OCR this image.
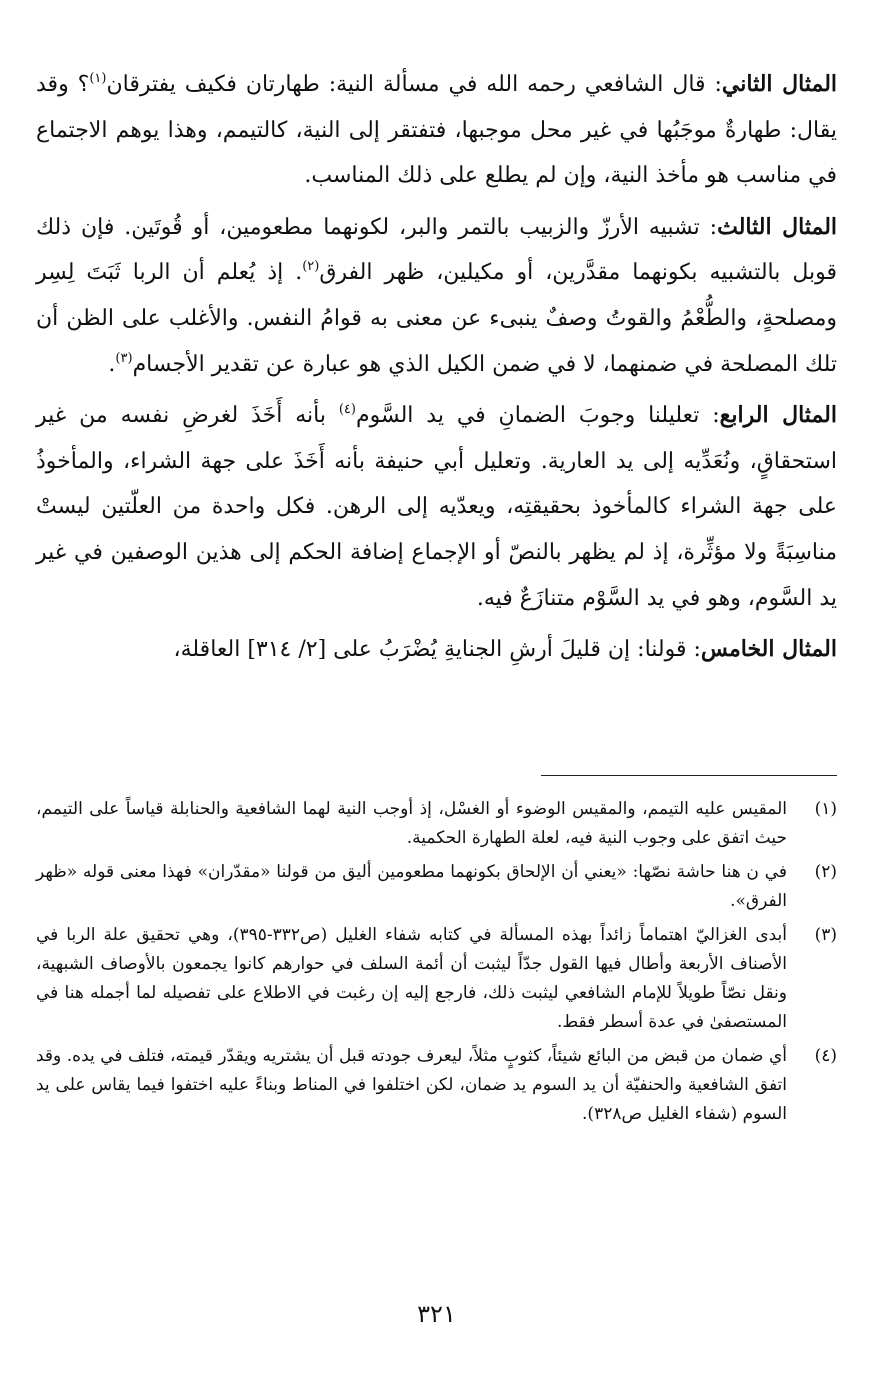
المثال الثاني: قال الشافعي رحمه الله في مسألة النية: طهارتان فكيف يفترقان$^{(١)}$؟ وقد يقال: طهارةٌ موجَبُها في غير محل موجبها، فتفتقر إلى النية، كالتيمم، وهذا يوهم الاجتماع في مناسب هو مأخذ النية، وإن لم يطلع على ذلك المناسب.

المثال الثالث: تشبيه الأرزّ والزبيب بالتمر والبر، لكونهما مطعومين، أو قُوتَين. فإن ذلك قوبل بالتشبيه بكونهما مقدَّرين، أو مكيلين، ظهر الفرق$^{(٢)}$. إذ يُعلم أن الربا ثَبَتَ لِسِر ومصلحةٍ، والطُّعْمُ والقوتُ وصفٌ ينبىء عن معنى به قوامُ النفس. والأغلب على الظن أن تلك المصلحة في ضمنهما، لا في ضمن الكيل الذي هو عبارة عن تقدير الأجسام$^{(٣)}$.

المثال الرابع: تعليلنا وجوبَ الضمانِ في يد السَّوم$^{(٤)}$ بأنه أَخَذَ لغرضِ نفسه من غير استحقاقٍ، ونُعَدِّيه إلى يد العارية. وتعليل أبي حنيفة بأنه أَخَذَ على جهة الشراء، والمأخوذُ على جهة الشراء كالمأخوذ بحقيقتِه، ويعدّيه إلى الرهن. فكل واحدة من العلّتين ليستْ مناسِبَةً ولا مؤثِّرة، إذ لم يظهر بالنصّ أو الإجماع إضافة الحكم إلى هذين الوصفين في غير يد السَّوم، وهو في يد السَّوْم متنازَعٌ فيه.

المثال الخامس: قولنا: إن قليلَ أرشِ الجنايةِ يُضْرَبُ على [٢/ ٣١٤] العاقلة،

(١)
المقيس عليه التيمم، والمقيس الوضوء أو الغسْل، إذ أوجب النية لهما الشافعية والحنابلة قياساً على التيمم، حيث اتفق على وجوب النية فيه، لعلة الطهارة الحكمية.
(٢)
في ن هنا حاشة نصّها: «يعني أن الإلحاق بكونهما مطعومين أليق من قولنا «مقدّران» فهذا معنى قوله «ظهر الفرق».
(٣)
أبدى الغزاليّ اهتماماً زائداً بهذه المسألة في كتابه شفاء الغليل (ص٣٣٢-٣٩٥)، وهي تحقيق علة الربا في الأصناف الأربعة وأطال فيها القول جدّاً ليثبت أن أئمة السلف في حوارهم كانوا يجمعون بالأوصاف الشبهية، ونقل نصّاً طويلاً للإمام الشافعي ليثبت ذلك، فارجع إليه إن رغبت في الاطلاع على تفصيله لما أجمله هنا في المستصفىٰ في عدة أسطر فقط.
(٤)
أي ضمان من قبض من البائع شيئاً، كثوبٍ مثلاً، ليعرف جودته قبل أن يشتريه ويقدّر قيمته، فتلف في يده. وقد اتفق الشافعية والحنفيّة أن يد السوم يد ضمان، لكن اختلفوا في المناط وبناءً عليه اختفوا فيما يقاس على يد السوم (شفاء الغليل ص٣٢٨).
٣٢١
